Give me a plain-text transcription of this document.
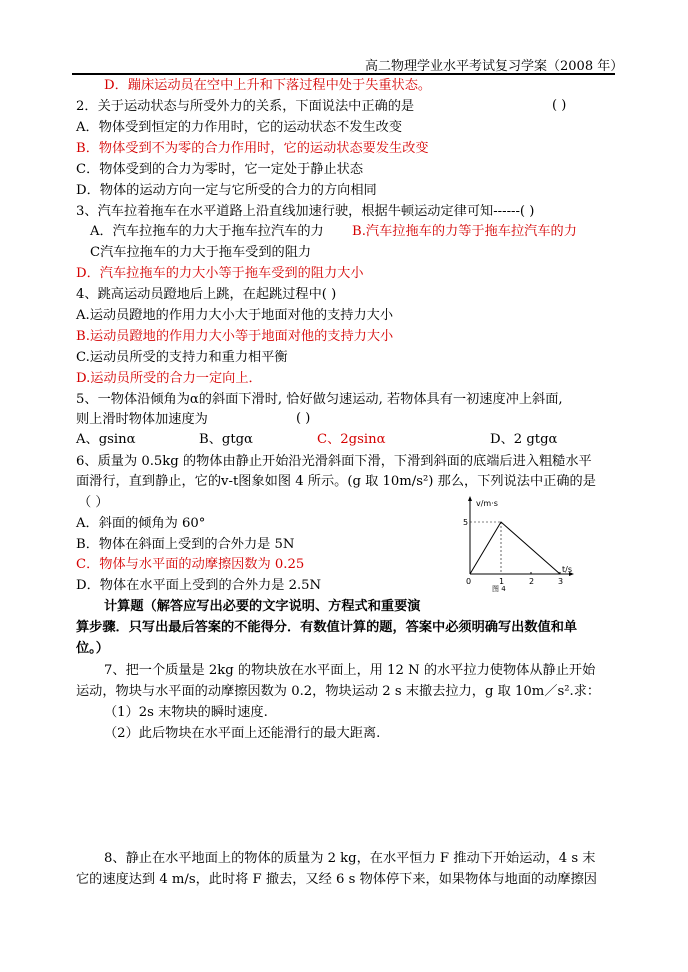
高二物理学业水平考试复习学案（2008 年）
D．蹦床运动员在空中上升和下落过程中处于失重状态。
2．关于运动状态与所受外力的关系，下面说法中正确的是	( )
A．物体受到恒定的力作用时，它的运动状态不发生改变
B．物体受到不为零的合力作用时，它的运动状态要发生改变
C．物体受到的合力为零时，它一定处于静止状态
D．物体的运动方向一定与它所受的合力的方向相同
3、汽车拉着拖车在水平道路上沿直线加速行驶，根据牛顿运动定律可知------( )
A．汽车拉拖车的力大于拖车拉汽车的力 B.汽车拉拖车的力等于拖车拉汽车的力
C汽车拉拖车的力大于拖车受到的阻力
D．汽车拉拖车的力大小等于拖车受到的阻力大小
4、跳高运动员蹬地后上跳，在起跳过程中( )
A.运动员蹬地的作用力大小大于地面对他的支持力大小
B.运动员蹬地的作用力大小等于地面对他的支持力大小
C.运动员所受的支持力和重力相平衡
D.运动员所受的合力一定向上．
5、一物体沿倾角为α的斜面下滑时, 恰好做匀速运动, 若物体具有一初速度冲上斜面,
则上滑时物体加速度为	( )
A、gsinα	B、gtgα	C、2gsinα	D、2 gtgα
6、质量为 0.5kg 的物体由静止开始沿光滑斜面下滑，下滑到斜面的底端后进入粗糙水平
面滑行，直到静止，它的v-t图象如图 4 所示。(g 取 10m/s²) 那么，下列说法中正确的是
（ ）
A．斜面的倾角为 60°
B．物体在斜面上受到的合外力是 5N
C．物体与水平面的动摩擦因数为 0.25
D．物体在水平面上受到的合外力是 2.5N
v/m·s
t/s
5
0	1	2	3
图 4
计算题（解答应写出必要的文字说明、方程式和重要演
算步骤．只写出最后答案的不能得分．有数值计算的题，答案中必须明确写出数值和单
位。）
7、把一个质量是 2kg 的物块放在水平面上，用 12 N 的水平拉力使物体从静止开始
运动，物块与水平面的动摩擦因数为 0.2，物块运动 2 s 末撤去拉力，g 取 10m／s².求：
（1）2s 末物块的瞬时速度.
（2）此后物块在水平面上还能滑行的最大距离.
8、静止在水平地面上的物体的质量为 2 kg，在水平恒力 F 推动下开始运动，4 s 末
它的速度达到 4 m/s，此时将 F 撤去，又经 6 s 物体停下来，如果物体与地面的动摩擦因
